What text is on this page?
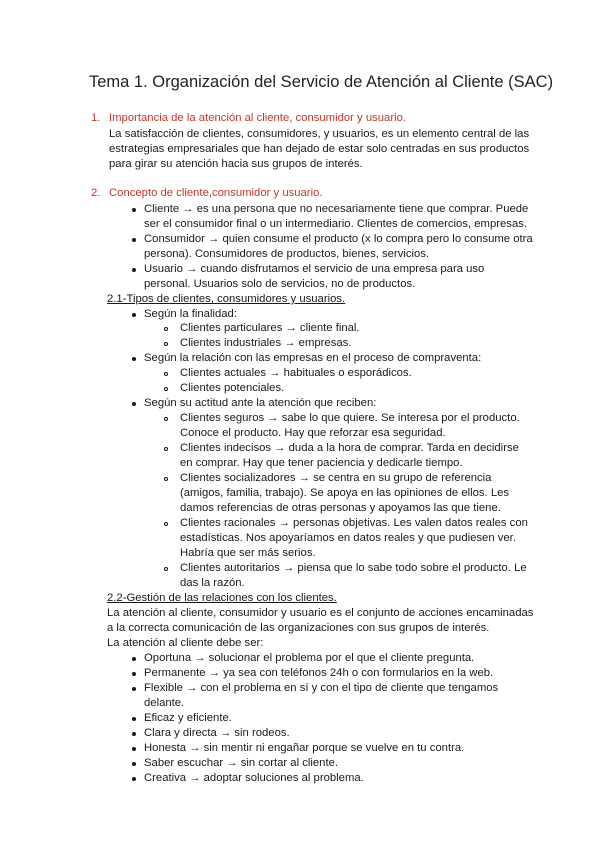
Tema 1. Organización del Servicio de Atención al Cliente (SAC)
1. Importancia de la atención al cliente, consumidor y usuario.
La satisfacción de clientes, consumidores, y usuarios, es un elemento central de las
estrategias empresariales que han dejado de estar solo centradas en sus productos
para girar su atención hacia sus grupos de interés.
2. Concepto de cliente,consumidor y usuario.
Cliente → es una persona que no necesariamente tiene que comprar. Puede
ser el consumidor final o un intermediario. Clientes de comercios, empresas.
Consumidor → quien consume el producto (x lo compra pero lo consume otra
persona). Consumidores de productos, bienes, servicios.
Usuario → cuando disfrutamos el servicio de una empresa para uso
personal. Usuarios solo de servicios, no de productos.
2.1-Tipos de clientes, consumidores y usuarios.
Según la finalidad:
Clientes particulares → cliente final.
Clientes industriales → empresas.
Según la relación con las empresas en el proceso de compraventa:
Clientes actuales → habituales o esporádicos.
Clientes potenciales.
Según su actitud ante la atención que reciben:
Clientes seguros → sabe lo que quiere. Se interesa por el producto.
Conoce el producto. Hay que reforzar esa seguridad.
Clientes indecisos → duda a la hora de comprar. Tarda en decidirse
en comprar. Hay que tener paciencia y dedicarle tiempo.
Clientes socializadores → se centra en su grupo de referencia
(amigos, familia, trabajo). Se apoya en las opiniones de ellos. Les
damos referencias de otras personas y apoyamos las que tiene.
Clientes racionales → personas objetivas. Les valen datos reales con
estadísticas. Nos apoyaríamos en datos reales y que pudiesen ver.
Habría que ser más serios.
Clientes autoritarios → piensa que lo sabe todo sobre el producto. Le
das la razón.
2.2-Gestión de las relaciones con los clientes.
La atención al cliente, consumidor y usuario es el conjunto de acciones encaminadas
a la correcta comunicación de las organizaciones con sus grupos de interés.
La atención al cliente debe ser:
Oportuna → solucionar el problema por el que el cliente pregunta.
Permanente → ya sea con teléfonos 24h o con formularios en la web.
Flexible → con el problema en sí y con el tipo de cliente que tengamos
delante.
Eficaz y eficiente.
Clara y directa → sin rodeos.
Honesta → sin mentir ni engañar porque se vuelve en tu contra.
Saber escuchar → sin cortar al cliente.
Creativa → adoptar soluciones al problema.
